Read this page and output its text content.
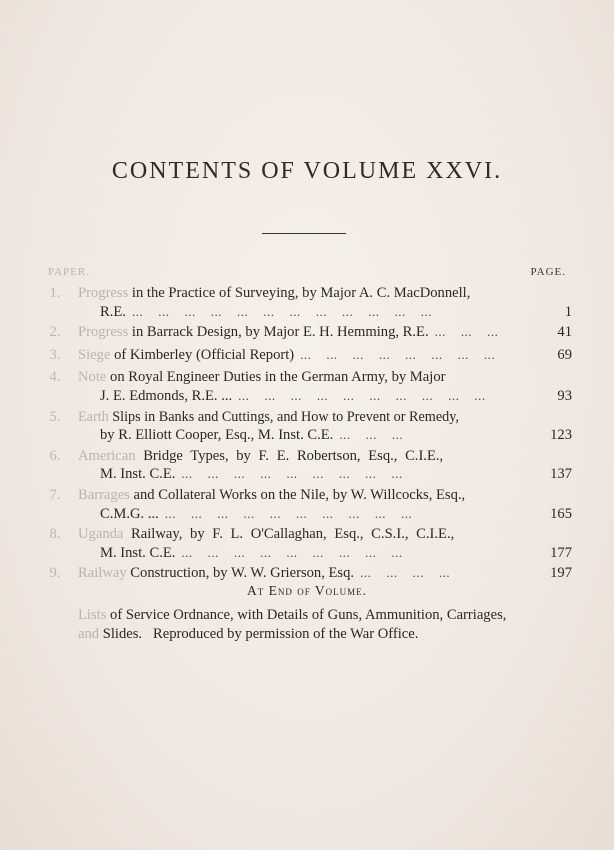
CONTENTS OF VOLUME XXVI.
PAPER.	PAGE.
1. Progress in the Practice of Surveying, by Major A. C. MacDonnell,
R.E. ...    ...    ...    ...    ...    ...    ...    ...    ...    ...    ...    ...	1
2. Progress in Barrack Design, by Major E. H. Hemming, R.E. ...    ...    ...	41
3. Siege of Kimberley (Official Report) ...    ...    ...    ...    ...    ...    ...    ...	69
4. Note on Royal Engineer Duties in the German Army, by Major
J. E. Edmonds, R.E. ... ...    ...    ...    ...    ...    ...    ...    ...    ...    ...	93
5. Earth Slips in Banks and Cuttings, and How to Prevent or Remedy,
by R. Elliott Cooper, Esq., M. Inst. C.E. ...    ...    ...	123
6. American Bridge Types, by F. E. Robertson, Esq., C.I.E.,
M. Inst. C.E. ...    ...    ...    ...    ...    ...    ...    ...    ...	137
7. Barrages and Collateral Works on the Nile, by W. Willcocks, Esq.,
C.M.G. ... ...    ...    ...    ...    ...    ...    ...    ...    ...    ...	165
8. Uganda Railway, by F. L. O'Callaghan, Esq., C.S.I., C.I.E.,
M. Inst. C.E. ...    ...    ...    ...    ...    ...    ...    ...    ...	177
9. Railway Construction, by W. W. Grierson, Esq. ...    ...    ...    ...	197
At End of Volume.
Lists of Service Ordnance, with Details of Guns, Ammunition, Carriages,
and Slides.   Reproduced by permission of the War Office.
